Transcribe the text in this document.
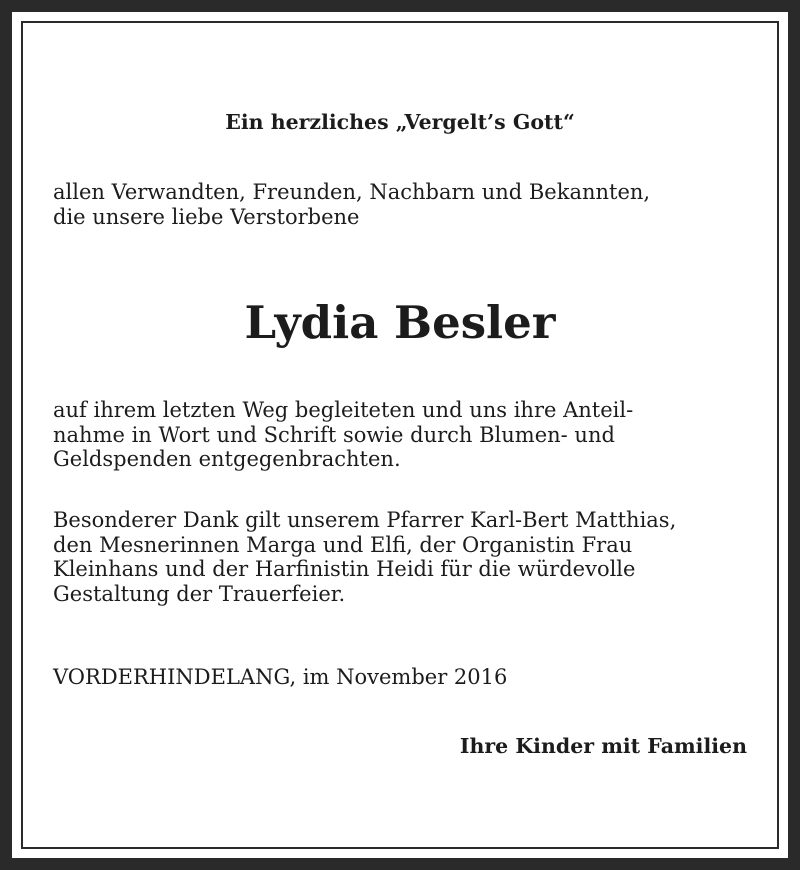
Ein herzliches „Vergelt’s Gott“

allen Verwandten, Freunden, Nachbarn und Bekannten,
die unsere liebe Verstorbene

Lydia Besler

auf ihrem letzten Weg begleiteten und uns ihre Anteil-
nahme in Wort und Schrift sowie durch Blumen- und
Geldspenden entgegenbrachten.

Besonderer Dank gilt unserem Pfarrer Karl-Bert Matthias,
den Mesnerinnen Marga und Elfi, der Organistin Frau
Kleinhans und der Harfinistin Heidi für die würdevolle
Gestaltung der Trauerfeier.

VORDERHINDELANG, im November 2016

Ihre Kinder mit Familien
